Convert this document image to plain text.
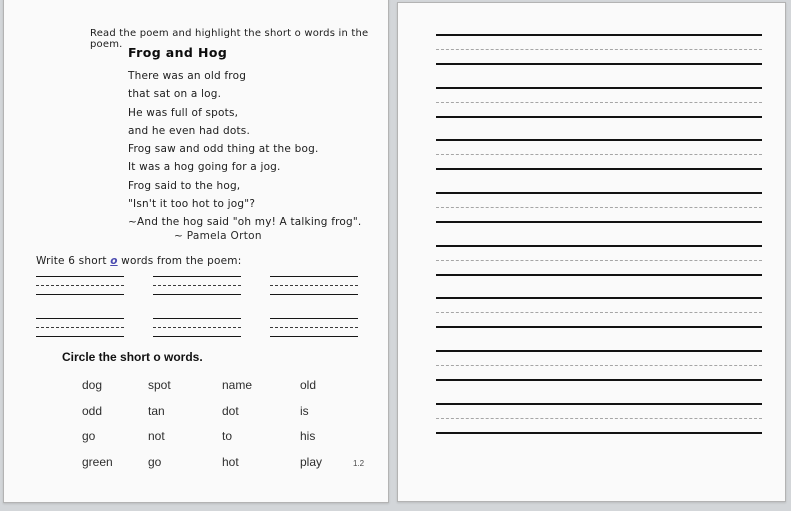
Read the poem and highlight the short o words in the poem.
Frog and Hog
There was an old frog
that sat on a log.
He was full of spots,
and he even had dots.
Frog saw and odd thing at the bog.
It was a hog going for a jog.
Frog said to the hog,
"Isn't it too hot to jog"?
~And the hog said "oh my! A talking frog".
~ Pamela Orton
Write 6 short o words from the poem:
Circle the short o words.
dog	spot	name	old
odd	tan	dot	is
go	not	to	his
green	go	hot	play	1.2
